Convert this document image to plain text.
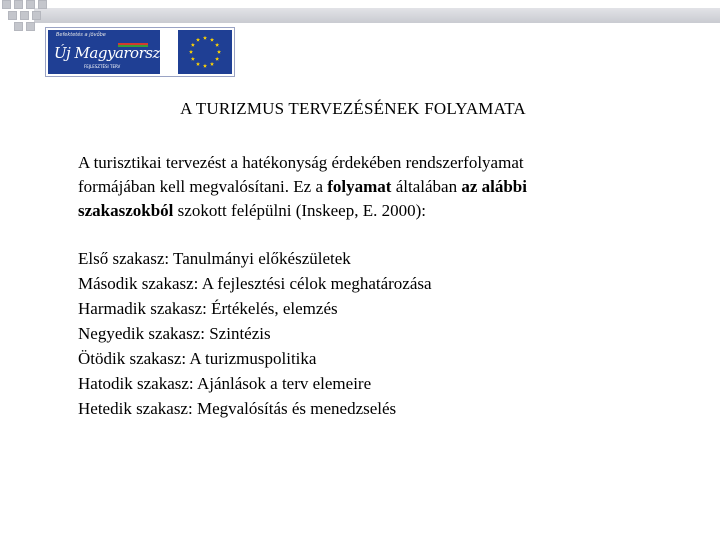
Befektetés a jövőbe
Új Magyarország
FEJLESZTÉSI TERV
A TURIZMUS TERVEZÉSÉNEK FOLYAMATA

A turisztikai tervezést a hatékonyság érdekében rendszerfolyamat

formájában kell megvalósítani. Ez a folyamat általában az alábbi

szakaszokból szokott felépülni (Inskeep, E. 2000):

Első szakasz: Tanulmányi előkészületek
Második szakasz: A fejlesztési célok meghatározása
Harmadik szakasz: Értékelés, elemzés
Negyedik szakasz: Szintézis
Ötödik szakasz: A turizmuspolitika
Hatodik szakasz: Ajánlások a terv elemeire
Hetedik szakasz: Megvalósítás és menedzselés
